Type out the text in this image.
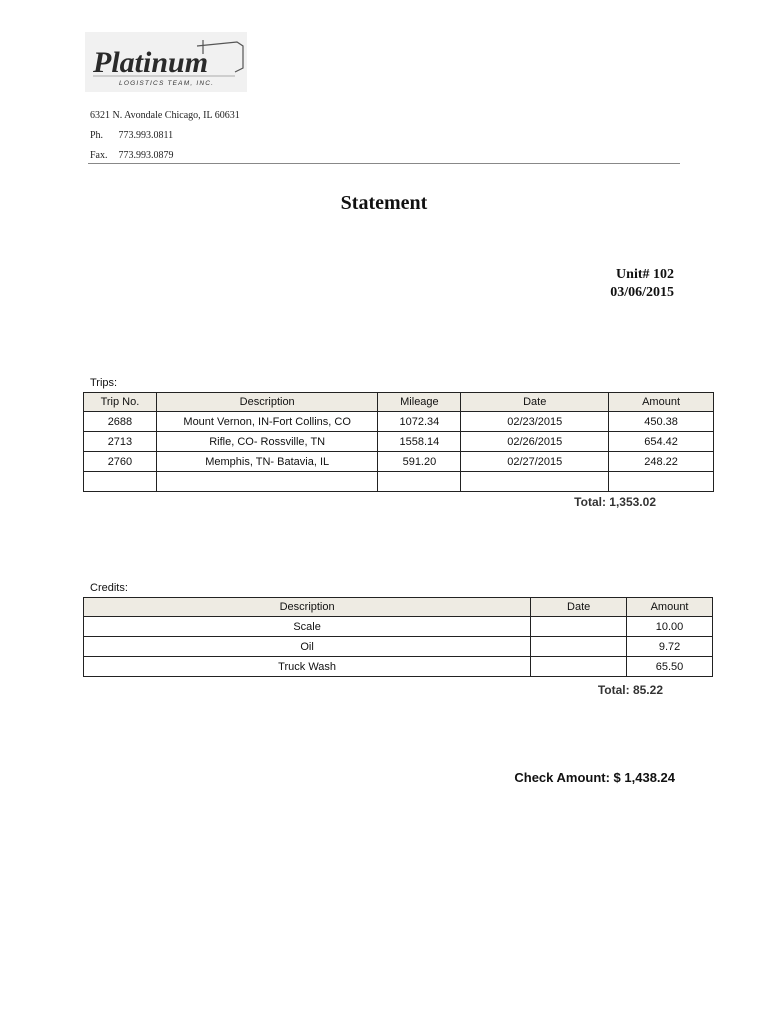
Platinum
LOGISTICS TEAM, INC.
6321 N. Avondale Chicago, IL 60631
Ph. 773.993.0811
Fax. 773.993.0879
Statement
Unit# 102
03/06/2015
Trips:
Trip No.	Description	Mileage	Date	Amount
2688	Mount Vernon, IN-Fort Collins, CO	1072.34	02/23/2015	450.38
2713	Rifle, CO- Rossville, TN	1558.14	02/26/2015	654.42
2760	Memphis, TN- Batavia, IL	591.20	02/27/2015	248.22

Total: 1,353.02
Credits:
Description	Date	Amount
Scale		10.00
Oil		9.72
Truck Wash		65.50
Total: 85.22
Check Amount: $ 1,438.24
